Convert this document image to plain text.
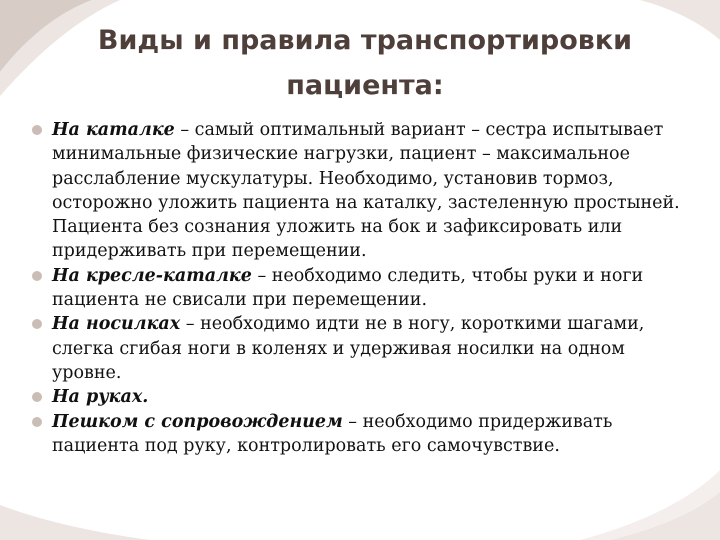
Виды и правила транспортировки пациента:
На каталке – самый оптимальный вариант – сестра испытывает минимальные физические нагрузки, пациент – максимальное расслабление мускулатуры. Необходимо, установив тормоз, осторожно уложить пациента на каталку, застеленную простыней. Пациента без сознания уложить на бок и зафиксировать или придерживать при перемещении.
На кресле-каталке – необходимо следить, чтобы руки и ноги пациента не свисали при перемещении.
На носилках – необходимо идти не в ногу, короткими шагами, слегка сгибая ноги в коленях и удерживая носилки на одном уровне.
На руках.
Пешком с сопровождением – необходимо придерживать пациента под руку, контролировать его самочувствие.
